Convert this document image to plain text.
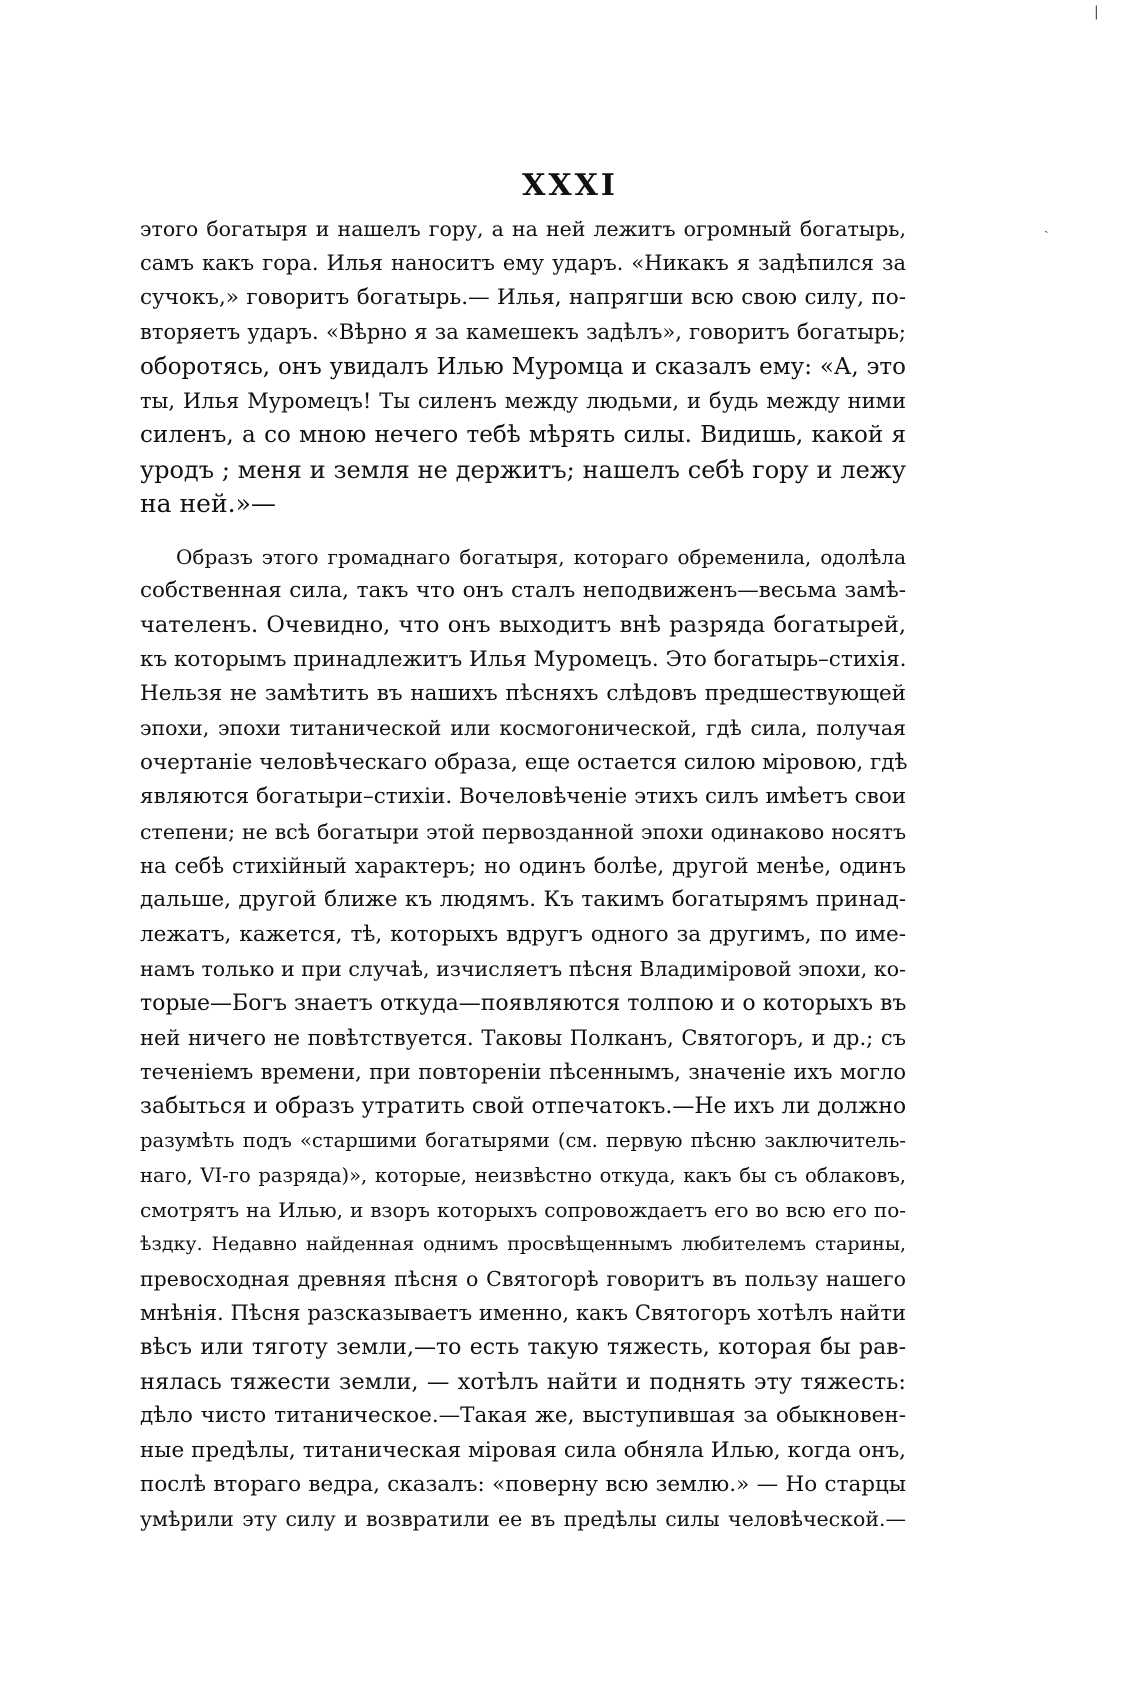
XXXI
|
ˎ
этого богатыря и нашелъ гору, а на ней лежитъ огромный богатырь,
самъ какъ гора. Илья наноситъ ему ударъ. «Никакъ я задѣпился за
сучокъ,» говоритъ богатырь.— Илья, напрягши всю свою силу, по-
вторяетъ ударъ. «Вѣрно я за камешекъ задѣлъ», говоритъ богатырь;
оборотясь, онъ увидалъ Илью Муромца и сказалъ ему: «А, это
ты, Илья Муромецъ! Ты силенъ между людьми, и будь между ними
силенъ, а со мною нечего тебѣ мѣрять силы. Видишь, какой я
уродъ ; меня и земля не держитъ; нашелъ себѣ гору и лежу
на ней.»—
Образъ этого громаднаго богатыря, котораго обременила, одолѣла
собственная сила, такъ что онъ сталъ неподвиженъ—весьма замѣ-
чателенъ. Очевидно, что онъ выходитъ внѣ разряда богатырей,
къ которымъ принадлежитъ Илья Муромецъ. Это богатырь–стихія.
Нельзя не замѣтить въ нашихъ пѣсняхъ слѣдовъ предшествующей
эпохи, эпохи титанической или космогонической, гдѣ сила, получая
очертаніе человѣческаго образа, еще остается силою міровою, гдѣ
являются богатыри–стихіи. Вочеловѣченіе этихъ силъ имѣетъ свои
степени; не всѣ богатыри этой первозданной эпохи одинаково носятъ
на себѣ стихійный характеръ; но одинъ болѣе, другой менѣе, одинъ
дальше, другой ближе къ людямъ. Къ такимъ богатырямъ принад-
лежатъ, кажется, тѣ, которыхъ вдругъ одного за другимъ, по име-
намъ только и при случаѣ, изчисляетъ пѣсня Владиміровой эпохи, ко-
торые—Богъ знаетъ откуда—появляются толпою и о которыхъ въ
ней ничего не повѣтствуется. Таковы Полканъ, Святогоръ, и др.; съ
теченіемъ времени, при повтореніи пѣсеннымъ, значеніе ихъ могло
забыться и образъ утратить свой отпечатокъ.—Не ихъ ли должно
разумѣть подъ «старшими богатырями (см. первую пѣсню заключитель-
наго, VI-го разряда)», которые, неизвѣстно откуда, какъ бы съ облаковъ,
смотрятъ на Илью, и взоръ которыхъ сопровождаетъ его во всю его по-
ѣздку. Недавно найденная однимъ просвѣщеннымъ любителемъ старины,
превосходная древняя пѣсня о Святогорѣ говоритъ въ пользу нашего
мнѣнія. Пѣсня разсказываетъ именно, какъ Святогоръ хотѣлъ найти
вѣсъ или тяготу земли,—то есть такую тяжесть, которая бы рав-
нялась тяжести земли, — хотѣлъ найти и поднять эту тяжесть:
дѣло чисто титаническое.—Такая же, выступившая за обыкновен-
ные предѣлы, титаническая міровая сила обняла Илью, когда онъ,
послѣ втораго ведра, сказалъ: «поверну всю землю.» — Но старцы
умѣрили эту силу и возвратили ее въ предѣлы силы человѣческой.—
